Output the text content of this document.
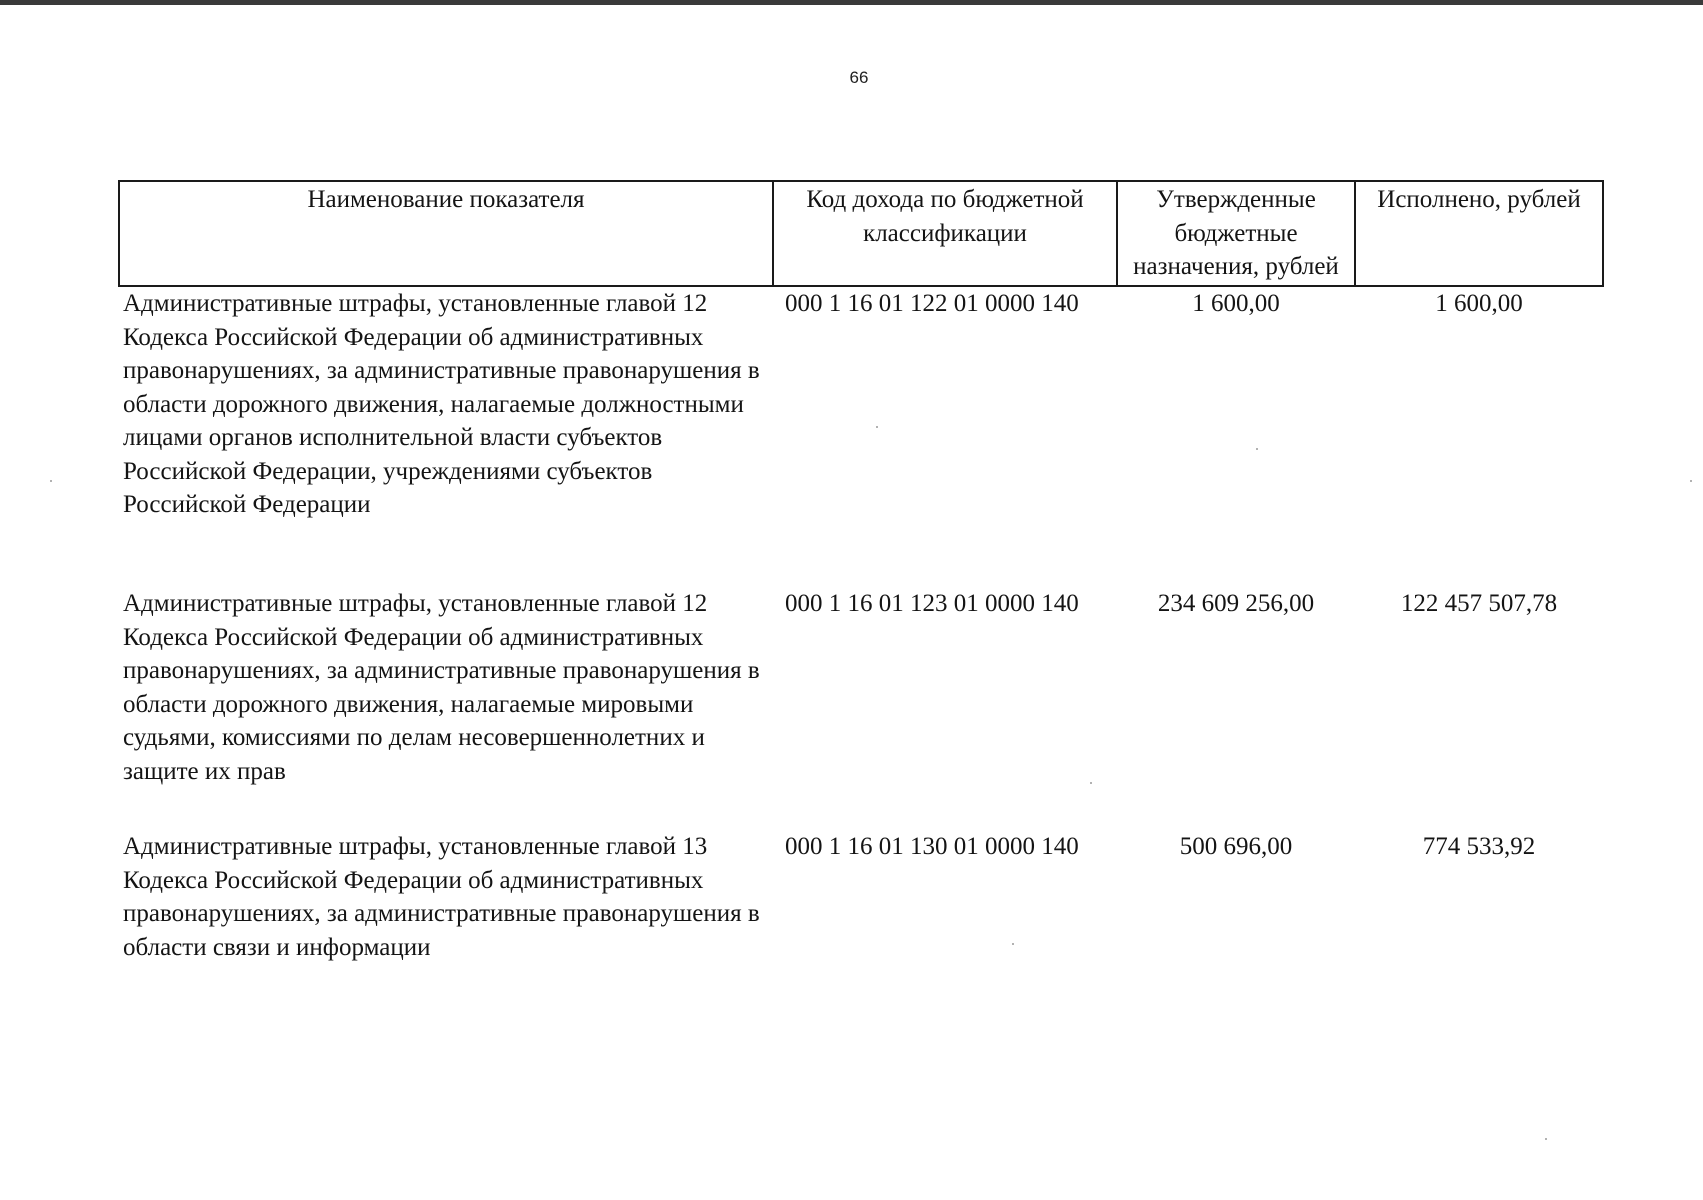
66
Наименование показателя	Код дохода по бюджетной классификации	Утвержденные бюджетные назначения, рублей	Исполнено, рублей
Административные штрафы, установленные главой 12 Кодекса Российской Федерации об административных правонарушениях, за административные правонарушения в области дорожного движения, налагаемые должностными лицами органов исполнительной власти субъектов Российской Федерации, учреждениями субъектов Российской Федерации	000 1 16 01 122 01 0000 140	1 600,00	1 600,00
Административные штрафы, установленные главой 12 Кодекса Российской Федерации об административных правонарушениях, за административные правонарушения в области дорожного движения, налагаемые мировыми судьями, комиссиями по делам несовершеннолетних и защите их прав	000 1 16 01 123 01 0000 140	234 609 256,00	122 457 507,78
Административные штрафы, установленные главой 13 Кодекса Российской Федерации об административных правонарушениях, за административные правонарушения в области связи и информации	000 1 16 01 130 01 0000 140	500 696,00	774 533,92
